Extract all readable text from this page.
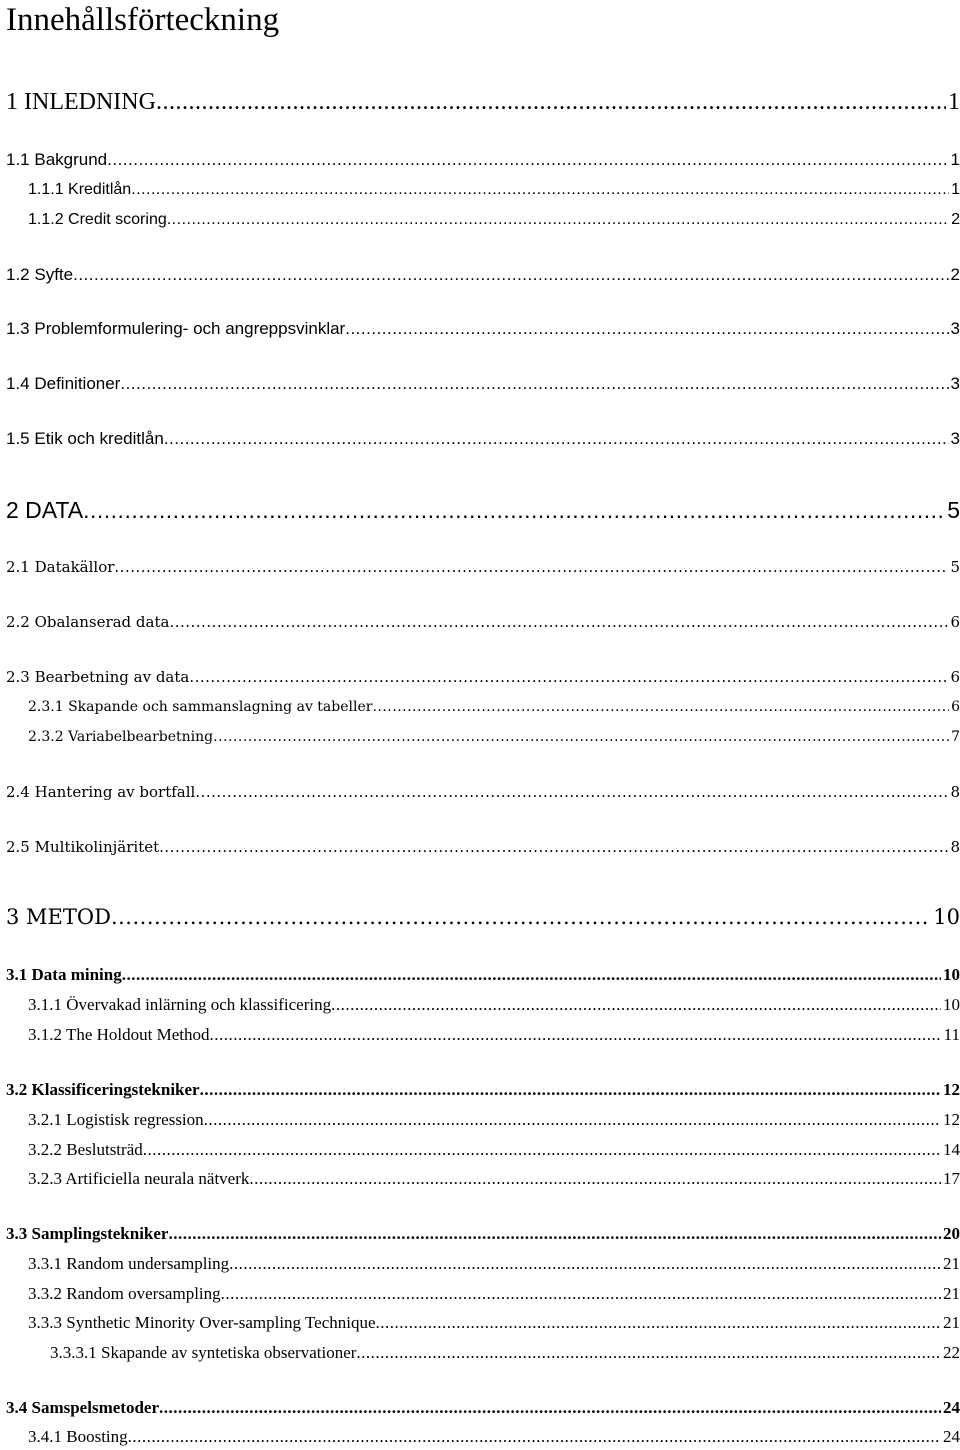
Innehållsförteckning
1 INLEDNING .....	1
1.1 Bakgrund .....	1
1.1.1 Kreditlån .....	1
1.1.2 Credit scoring .....	2
1.2 Syfte .....	2
1.3 Problemformulering- och angreppsvinklar .....	3
1.4 Definitioner .....	3
1.5 Etik och kreditlån .....	3
2 DATA .....	5
2.1 Datakällor .....	5
2.2 Obalanserad data .....	6
2.3 Bearbetning av data .....	6
2.3.1 Skapande och sammanslagning av tabeller .....	6
2.3.2 Variabelbearbetning .....	7
2.4 Hantering av bortfall .....	8
2.5 Multikolinjäritet .....	8
3 METOD .....	10
3.1 Data mining .....	10
3.1.1 Övervakad inlärning och klassificering .....	10
3.1.2 The Holdout Method .....	11
3.2 Klassificeringstekniker .....	12
3.2.1 Logistisk regression .....	12
3.2.2 Beslutsträd .....	14
3.2.3 Artificiella neurala nätverk .....	17
3.3 Samplingstekniker .....	20
3.3.1 Random undersampling .....	21
3.3.2 Random oversampling .....	21
3.3.3 Synthetic Minority Over-sampling Technique .....	21
3.3.3.1 Skapande av syntetiska observationer .....	22
3.4 Samspelsmetoder .....	24
3.4.1 Boosting .....	24
